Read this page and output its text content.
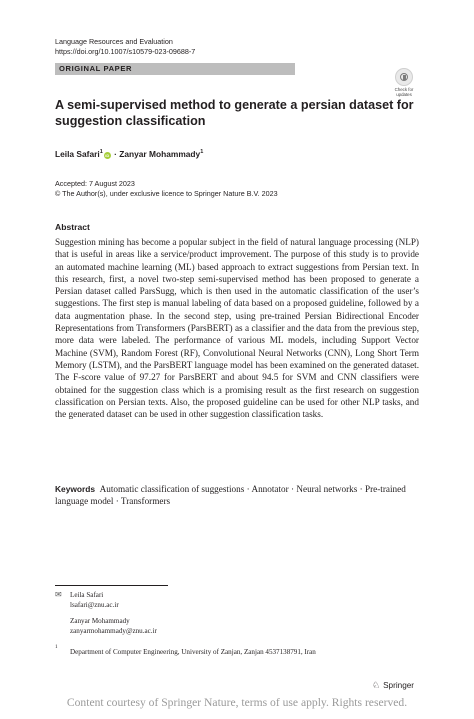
Language Resources and Evaluation
https://doi.org/10.1007/s10579-023-09688-7
ORIGINAL PAPER
Check for updates
A semi-supervised method to generate a persian dataset for suggestion classification
Leila Safari$^1$iD · Zanyar Mohammady$^1$
Accepted: 7 August 2023
© The Author(s), under exclusive licence to Springer Nature B.V. 2023
Abstract
Suggestion mining has become a popular subject in the field of natural language processing (NLP) that is useful in areas like a service/product improvement. The purpose of this study is to provide an automated machine learning (ML) based approach to extract suggestions from Persian text. In this research, first, a novel two-step semi-supervised method has been proposed to generate a Persian dataset called ParsSugg, which is then used in the automatic classification of the user’s suggestions. The first step is manual labeling of data based on a proposed guideline, followed by a data augmentation phase. In the second step, using pre-trained Persian Bidirectional Encoder Representations from Transformers (ParsBERT) as a classifier and the data from the previous step, more data were labeled. The performance of various ML models, including Support Vector Machine (SVM), Random Forest (RF), Convolutional Neural Networks (CNN), Long Short Term Memory (LSTM), and the ParsBERT language model has been examined on the generated dataset. The F-score value of 97.27 for ParsBERT and about 94.5 for SVM and CNN classifiers were obtained for the suggestion class which is a promising result as the first research on suggestion classification on Persian texts. Also, the proposed guideline can be used for other NLP tasks, and the generated dataset can be used in other suggestion classification tasks.
Keywords Automatic classification of suggestions · Annotator · Neural networks · Pre-trained language model · Transformers
✉ Leila Safari
lsafari@znu.ac.ir
Zanyar Mohammady
zanyarmohammady@znu.ac.ir
1
Department of Computer Engineering, University of Zanjan, Zanjan 4537138791, Iran
♘ Springer
Content courtesy of Springer Nature, terms of use apply. Rights reserved.
